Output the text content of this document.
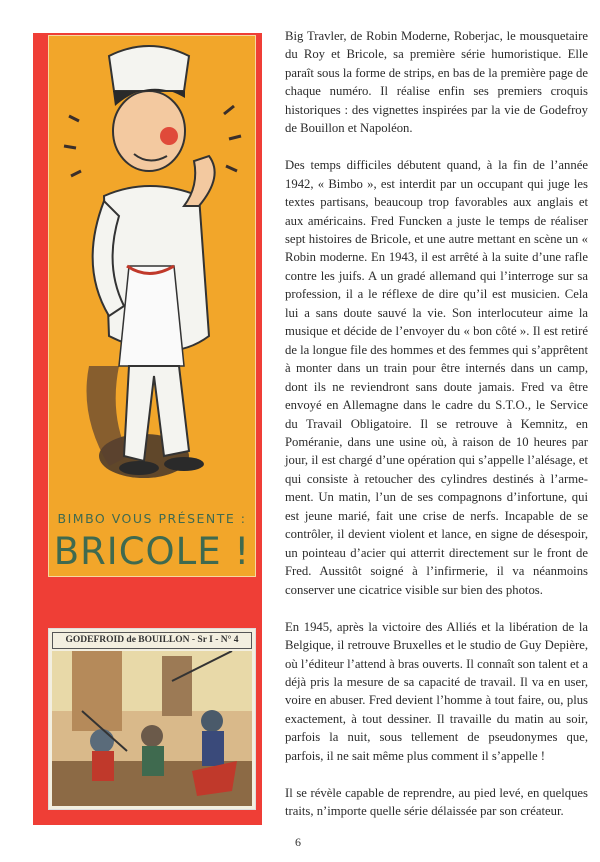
BIMBO VOUS PRÉSENTE :
BRICOLE !
GODEFROID de BOUILLON - Sr I - N° 4

Big Travler, de Robin Moderne, Roberjac, le mousquetaire du Roy et Bricole, sa première série humoristique. Elle paraît sous la forme de strips, en bas de la première page de chaque numéro. Il réalise enfin ses premiers croquis historiques : des vignettes inspirées par la vie de Godefroy de Bouillon et Napoléon.

Des temps difficiles débutent quand, à la fin de l’année 1942, « Bimbo », est interdit par un occupant qui juge les textes partisans, beaucoup trop favorables aux anglais et aux américains. Fred Funcken a juste le temps de réaliser sept histoires de Bricole, et une autre mettant en scène un « Robin moderne. En 1943, il est arrêté à la suite d’une rafle contre les juifs. A un gradé allemand qui l’interroge sur sa profession, il a le réflexe de dire qu’il est musicien. Cela lui a sans doute sauvé la vie. Son interlocuteur aime la musique et décide de l’envoyer du « bon côté ». Il est retiré de la longue file des hommes et des femmes qui s’apprêtent à monter dans un train pour être internés dans un camp, dont ils ne reviendront sans doute jamais. Fred va être envoyé en Allemagne dans le cadre du S.T.O., le Service du Travail Obligatoire. Il se retrouve à Kemnitz, en Poméranie, dans une usine où, à raison de 10 heures par jour, il est chargé d’une opération qui s’appelle l’alésage, et qui consiste à retoucher des cylindres destinés à l’armement. Un matin, l’un de ses compagnons d’infortune, qui est jeune marié, fait une crise de nerfs. Incapable de se contrôler, il devient violent et lance, en signe de désespoir, un pointeau d’acier qui atterrit directement sur le front de Fred. Aussitôt soigné à l’infirmerie, il va néanmoins conserver une cicatrice visible sur bien des photos.

En 1945, après la victoire des Alliés et la libération de la Belgique, il retrouve Bruxelles et le studio de Guy Depière, où l’éditeur l’attend à bras ouverts. Il connaît son talent et a déjà pris la mesure de sa capacité de travail. Il va en user, voire en abuser. Fred devient l’homme à tout faire, ou, plus exactement, à tout dessiner. Il travaille du matin au soir, parfois la nuit, sous tellement de pseudonymes que, parfois, il ne sait même plus comment il s’appelle !

Il se révèle capable de reprendre, au pied levé, en quelques traits, n’importe quelle série délaissée par son créateur.

6
